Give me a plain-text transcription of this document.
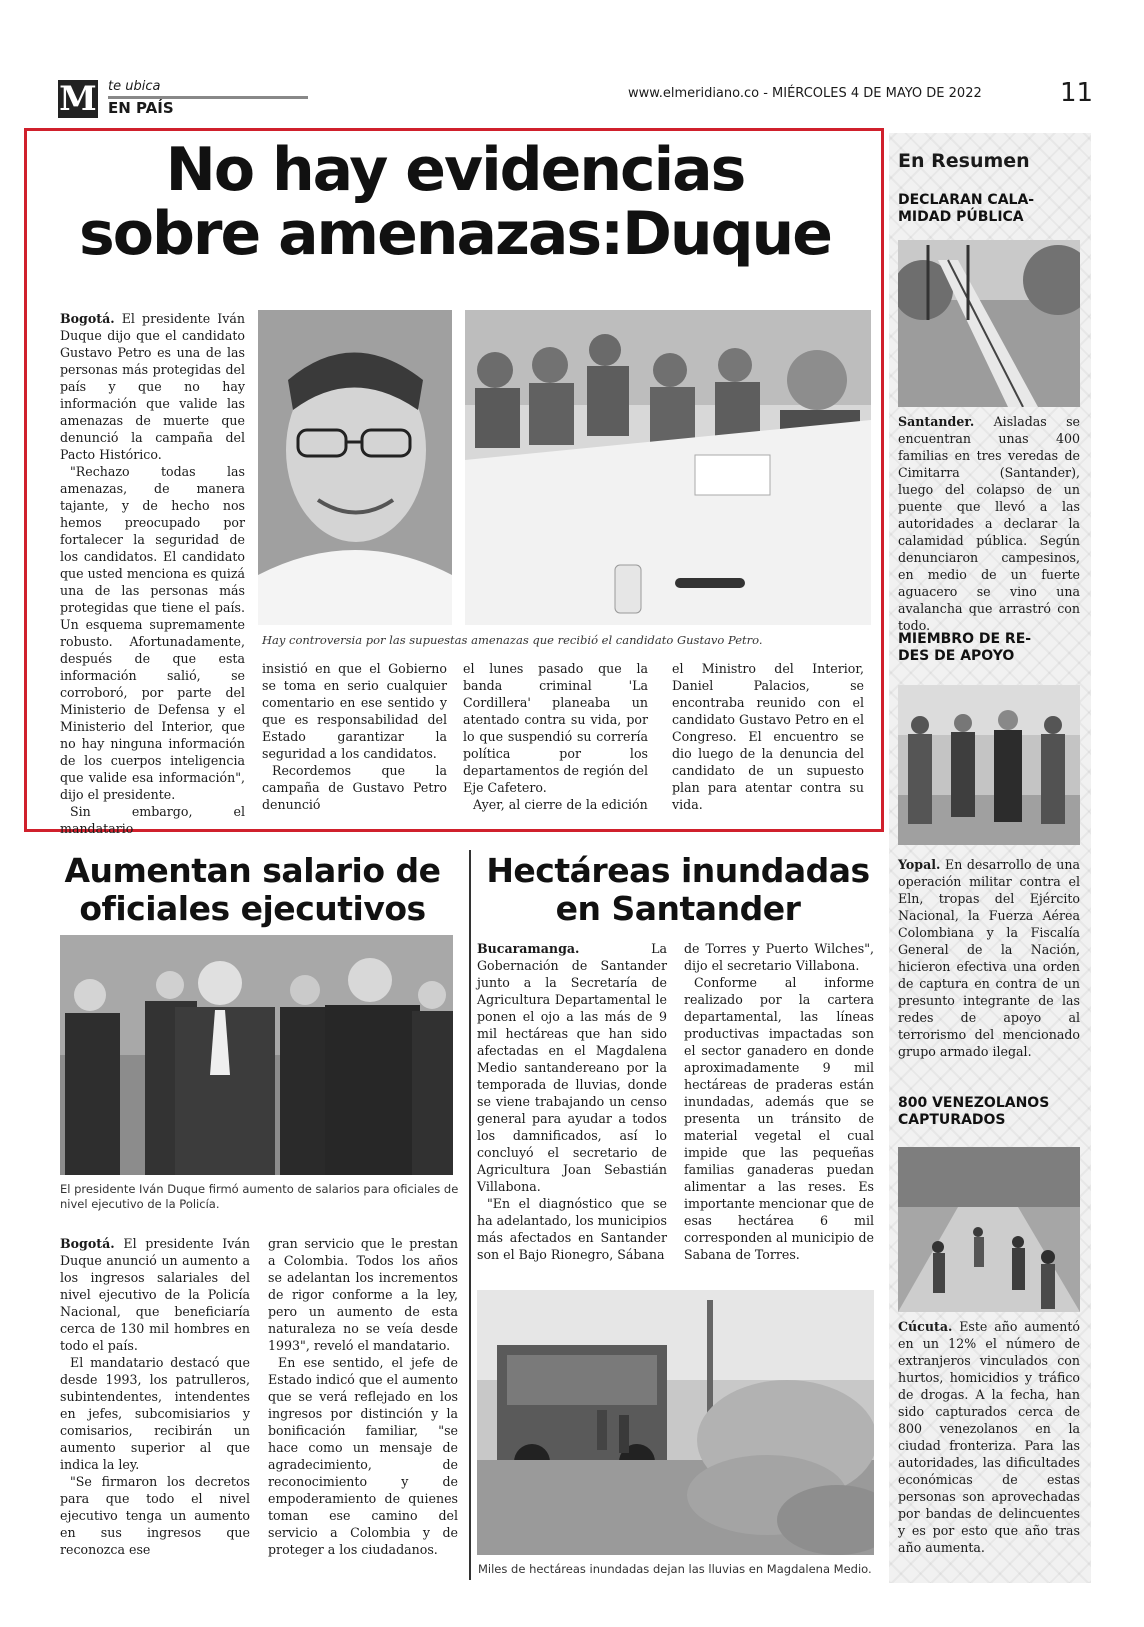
M te ubica
EN PAÍS
www.elmeridiano.co - MIÉRCOLES 4 DE MAYO DE 2022	11
No hay evidencias
sobre amenazas:Duque

Bogotá. El presidente Iván Duque dijo que el candidato Gustavo Petro es una de las personas más protegidas del país y que no hay información que valide las amenazas de muerte que denunció la campaña del Pacto Histórico.

"Rechazo todas las amenazas, de manera tajante, y de hecho nos hemos preocupado por fortalecer la seguridad de los candidatos. El candidato que usted menciona es quizá una de las personas más protegidas que tiene el país. Un esquema supremamente robusto. Afortunadamente, después de que esta información salió, se corroboró, por parte del Ministerio de Defensa y el Ministerio del Interior, que no hay ninguna información de los cuerpos inteligencia que valide esa información", dijo el presidente.

Sin embargo, el mandatario

Hay controversia por las supuestas amenazas que recibió el candidato Gustavo Petro.

insistió en que el Gobierno se toma en serio cualquier comentario en ese sentido y que es responsabilidad del Estado garantizar la seguridad a los candidatos.

Recordemos que la campaña de Gustavo Petro denunció

el lunes pasado que la banda criminal 'La Cordillera' planeaba un atentado contra su vida, por lo que suspendió su correría política por los departamentos de región del Eje Cafetero.

Ayer, al cierre de la edición

el Ministro del Interior, Daniel Palacios, se encontraba reunido con el candidato Gustavo Petro en el Congreso. El encuentro se dio luego de la denuncia del candidato de un supuesto plan para atentar contra su vida.

Aumentan salario de
oficiales ejecutivos
El presidente Iván Duque firmó aumento de salarios para oficiales de nivel ejecutivo de la Policía.

Bogotá. El presidente Iván Duque anunció un aumento a los ingresos salariales del nivel ejecutivo de la Policía Nacional, que beneficiaría cerca de 130 mil hombres en todo el país.

El mandatario destacó que desde 1993, los patrulleros, subintendentes, intendentes en jefes, subcomisiarios y comisarios, recibirán un aumento superior al que indica la ley.

"Se firmaron los decretos para que todo el nivel ejecutivo tenga un aumento en sus ingresos que reconozca ese

gran servicio que le prestan a Colombia. Todos los años se adelantan los incrementos de rigor conforme a la ley, pero un aumento de esta naturaleza no se veía desde 1993", reveló el mandatario.

En ese sentido, el jefe de Estado indicó que el aumento que se verá reflejado en los ingresos por distinción y la bonificación familiar, "se hace como un mensaje de agradecimiento, de reconocimiento y de empoderamiento de quienes toman ese camino del servicio a Colombia y de proteger a los ciudadanos.

Hectáreas inundadas
en Santander

Bucaramanga.	La Gobernación de Santander junto a la Secretaría de Agricultura Departamental le ponen el ojo a las más de 9 mil hectáreas que han sido afectadas en el Magdalena Medio santandereano por la temporada de lluvias, donde se viene trabajando un censo general para ayudar a todos los damnificados, así lo concluyó el secretario de Agricultura Joan Sebastián Villabona.

"En el diagnóstico que se ha adelantado, los municipios más afectados en Santander son el Bajo Rionegro, Sábana

de Torres y Puerto Wilches", dijo el secretario Villabona.

Conforme al informe realizado por la cartera departamental, las líneas productivas impactadas son el sector ganadero en donde aproximadamente 9 mil hectáreas de praderas están inundadas, además que se presenta un tránsito de material vegetal el cual impide que las pequeñas familias ganaderas puedan alimentar a las reses. Es importante mencionar que de esas hectárea 6 mil corresponden al municipio de Sabana de Torres.

Miles de hectáreas inundadas dejan las lluvias en Magdalena Medio.
En Resumen
DECLARAN CALA-
MIDAD PÚBLICA
Santander. Aisladas se encuentran unas 400 familias en tres veredas de Cimitarra (Santander), luego del colapso de un puente que llevó a las autoridades a declarar la calamidad pública. Según denunciaron campesinos, en medio de un fuerte aguacero se vino una avalancha que arrastró con todo.
MIEMBRO DE RE-
DES DE APOYO
Yopal. En desarrollo de una operación militar contra el Eln, tropas del Ejército Nacional, la Fuerza Aérea Colombiana y la Fiscalía General de la Nación, hicieron efectiva una orden de captura en contra de un presunto integrante de las redes de apoyo al terrorismo del mencionado grupo armado ilegal.
800 VENEZOLANOS
CAPTURADOS
Cúcuta. Este año aumentó en un 12% el número de extranjeros vinculados con hurtos, homicidios y tráfico de drogas. A la fecha, han sido capturados cerca de 800 venezolanos en la ciudad fronteriza. Para las autoridades, las dificultades económicas de estas personas son aprovechadas por bandas de delincuentes y es por esto que año tras año aumenta.
